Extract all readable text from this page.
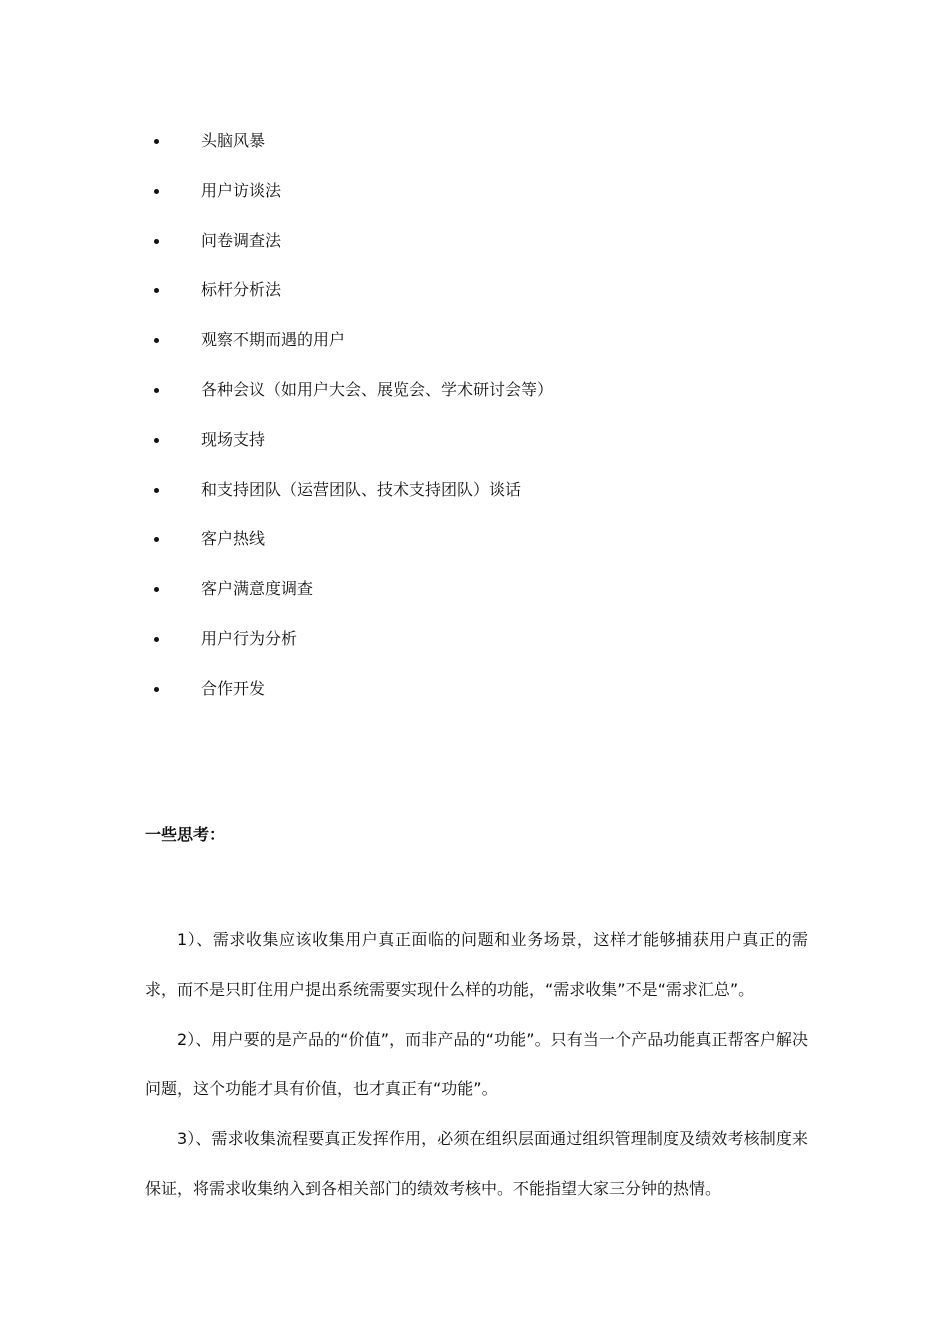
头脑风暴
用户访谈法
问卷调查法
标杆分析法
观察不期而遇的用户
各种会议（如用户大会、展览会、学术研讨会等）
现场支持
和支持团队（运营团队、技术支持团队）谈话
客户热线
客户满意度调查
用户行为分析
合作开发
一些思考：

1）、需求收集应该收集用户真正面临的问题和业务场景，这样才能够捕获用户真正的需求，而不是只盯住用户提出系统需要实现什么样的功能，“需求收集”不是“需求汇总”。

2）、用户要的是产品的“价值”，而非产品的“功能”。只有当一个产品功能真正帮客户解决问题，这个功能才具有价值，也才真正有“功能”。

3）、需求收集流程要真正发挥作用，必须在组织层面通过组织管理制度及绩效考核制度来保证，将需求收集纳入到各相关部门的绩效考核中。不能指望大家三分钟的热情。
